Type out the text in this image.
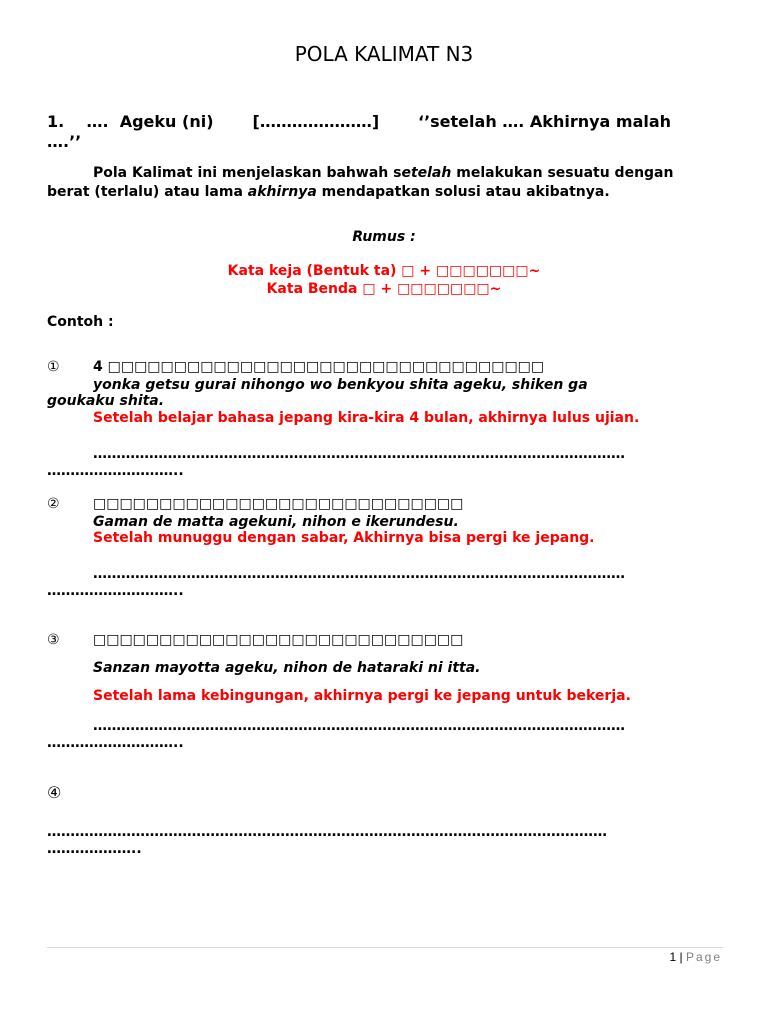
POLA KALIMAT N3
1. ….  Ageku (ni) […………………] ‘’setelah …. Akhirnya malah
….’’
Pola Kalimat ini menjelaskan bahwah setelah melakukan sesuatu dengan berat (terlalu) atau lama akhirnya mendapatkan solusi atau akibatnya.
Rumus :
Kata keja (Bentuk ta) □ + □□□□□□□~
Kata Benda □ + □□□□□□□~
Contoh :
① 4 □□□□□□□□□□□□□□□□□□□□□□□□□□□□□□□□□
yonka getsu gurai nihongo wo benkyou shita ageku, shiken ga
goukaku shita.
Setelah belajar bahasa jepang kira-kira 4 bulan, akhirnya lulus ujian.
……………………………………………………………………………………………………
………………………..
② □□□□□□□□□□□□□□□□□□□□□□□□□□□□
Gaman de matta agekuni, nihon e ikerundesu.
Setelah munuggu dengan sabar, Akhirnya bisa pergi ke jepang.
……………………………………………………………………………………………………
………………………..
③ □□□□□□□□□□□□□□□□□□□□□□□□□□□□
Sanzan mayotta ageku, nihon de hataraki ni itta.
Setelah lama kebingungan, akhirnya pergi ke jepang untuk bekerja.
……………………………………………………………………………………………………
………………………..
④
…………………………………………………………………………………………………………
………………..
1 | Page
